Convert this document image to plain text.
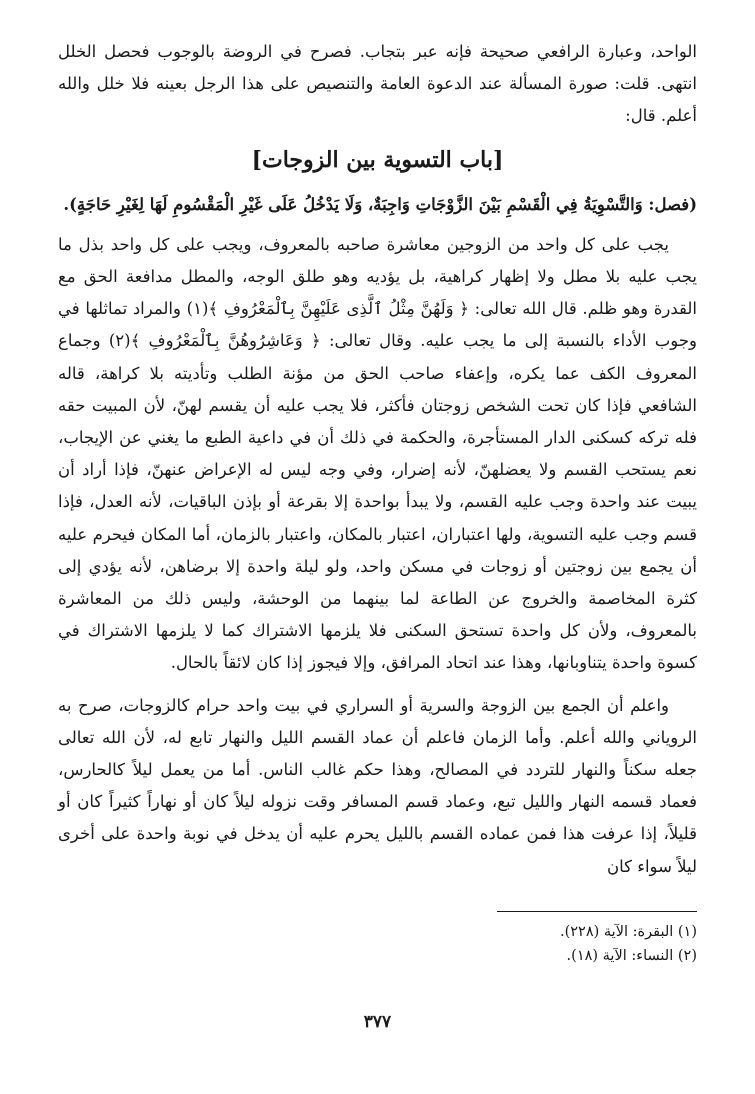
الواحد، وعبارة الرافعي صحيحة فإنه عبر بتجاب. فصرح في الروضة بالوجوب فحصل الخلل انتهى. قلت: صورة المسألة عند الدعوة العامة والتنصيص على هذا الرجل بعينه فلا خلل والله أعلم. قال:

[باب التسوية بين الزوجات]

(فصل: وَالتَّسْوِيَةُ فِي الْقَسْمِ بَيْنَ الزَّوْجَاتِ وَاجِبَةٌ، وَلَا يَدْخُلُ عَلَى غَيْرِ الْمَقْسُومِ لَهَا لِغَيْرِ حَاجَةٍ).

يجب على كل واحد من الزوجين معاشرة صاحبه بالمعروف، ويجب على كل واحد بذل ما يجب عليه بلا مطل ولا إظهار كراهية، بل يؤديه وهو طلق الوجه، والمطل مدافعة الحق مع القدرة وهو ظلم. قال الله تعالى: ﴿ وَلَهُنَّ مِثْلُ ٱلَّذِى عَلَيْهِنَّ بِٱلْمَعْرُوفِ ﴾(١) والمراد تماثلها في وجوب الأداء بالنسبة إلى ما يجب عليه. وقال تعالى: ﴿ وَعَاشِرُوهُنَّ بِٱلْمَعْرُوفِ ﴾(٢) وجماع المعروف الكف عما يكره، وإعفاء صاحب الحق من مؤنة الطلب وتأديته بلا كراهة، قاله الشافعي فإذا كان تحت الشخص زوجتان فأكثر، فلا يجب عليه أن يقسم لهنّ، لأن المبيت حقه فله تركه كسكنى الدار المستأجرة، والحكمة في ذلك أن في داعية الطبع ما يغني عن الإيجاب، نعم يستحب القسم ولا يعضلهنّ، لأنه إضرار، وفي وجه ليس له الإعراض عنهنّ، فإذا أراد أن يبيت عند واحدة وجب عليه القسم، ولا يبدأ بواحدة إلا بقرعة أو بإذن الباقيات، لأنه العدل، فإذا قسم وجب عليه التسوية، ولها اعتباران، اعتبار بالمكان، واعتبار بالزمان، أما المكان فيحرم عليه أن يجمع بين زوجتين أو زوجات في مسكن واحد، ولو ليلة واحدة إلا برضاهن، لأنه يؤدي إلى كثرة المخاصمة والخروج عن الطاعة لما بينهما من الوحشة، وليس ذلك من المعاشرة بالمعروف، ولأن كل واحدة تستحق السكنى فلا يلزمها الاشتراك كما لا يلزمها الاشتراك في كسوة واحدة يتناوبانها، وهذا عند اتحاد المرافق، وإلا فيجوز إذا كان لائقاً بالحال.

واعلم أن الجمع بين الزوجة والسرية أو السراري في بيت واحد حرام كالزوجات، صرح به الروياني والله أعلم. وأما الزمان فاعلم أن عماد القسم الليل والنهار تابع له، لأن الله تعالى جعله سكناً والنهار للتردد في المصالح، وهذا حكم غالب الناس. أما من يعمل ليلاً كالحارس، فعماد قسمه النهار والليل تبع، وعماد قسم المسافر وقت نزوله ليلاً كان أو نهاراً كثيراً كان أو قليلاً، إذا عرفت هذا فمن عماده القسم بالليل يحرم عليه أن يدخل في نوبة واحدة على أخرى ليلاً سواء كان

(١) البقرة: الآية (٢٢٨).

(٢) النساء: الآية (١٨).

٣٧٧
